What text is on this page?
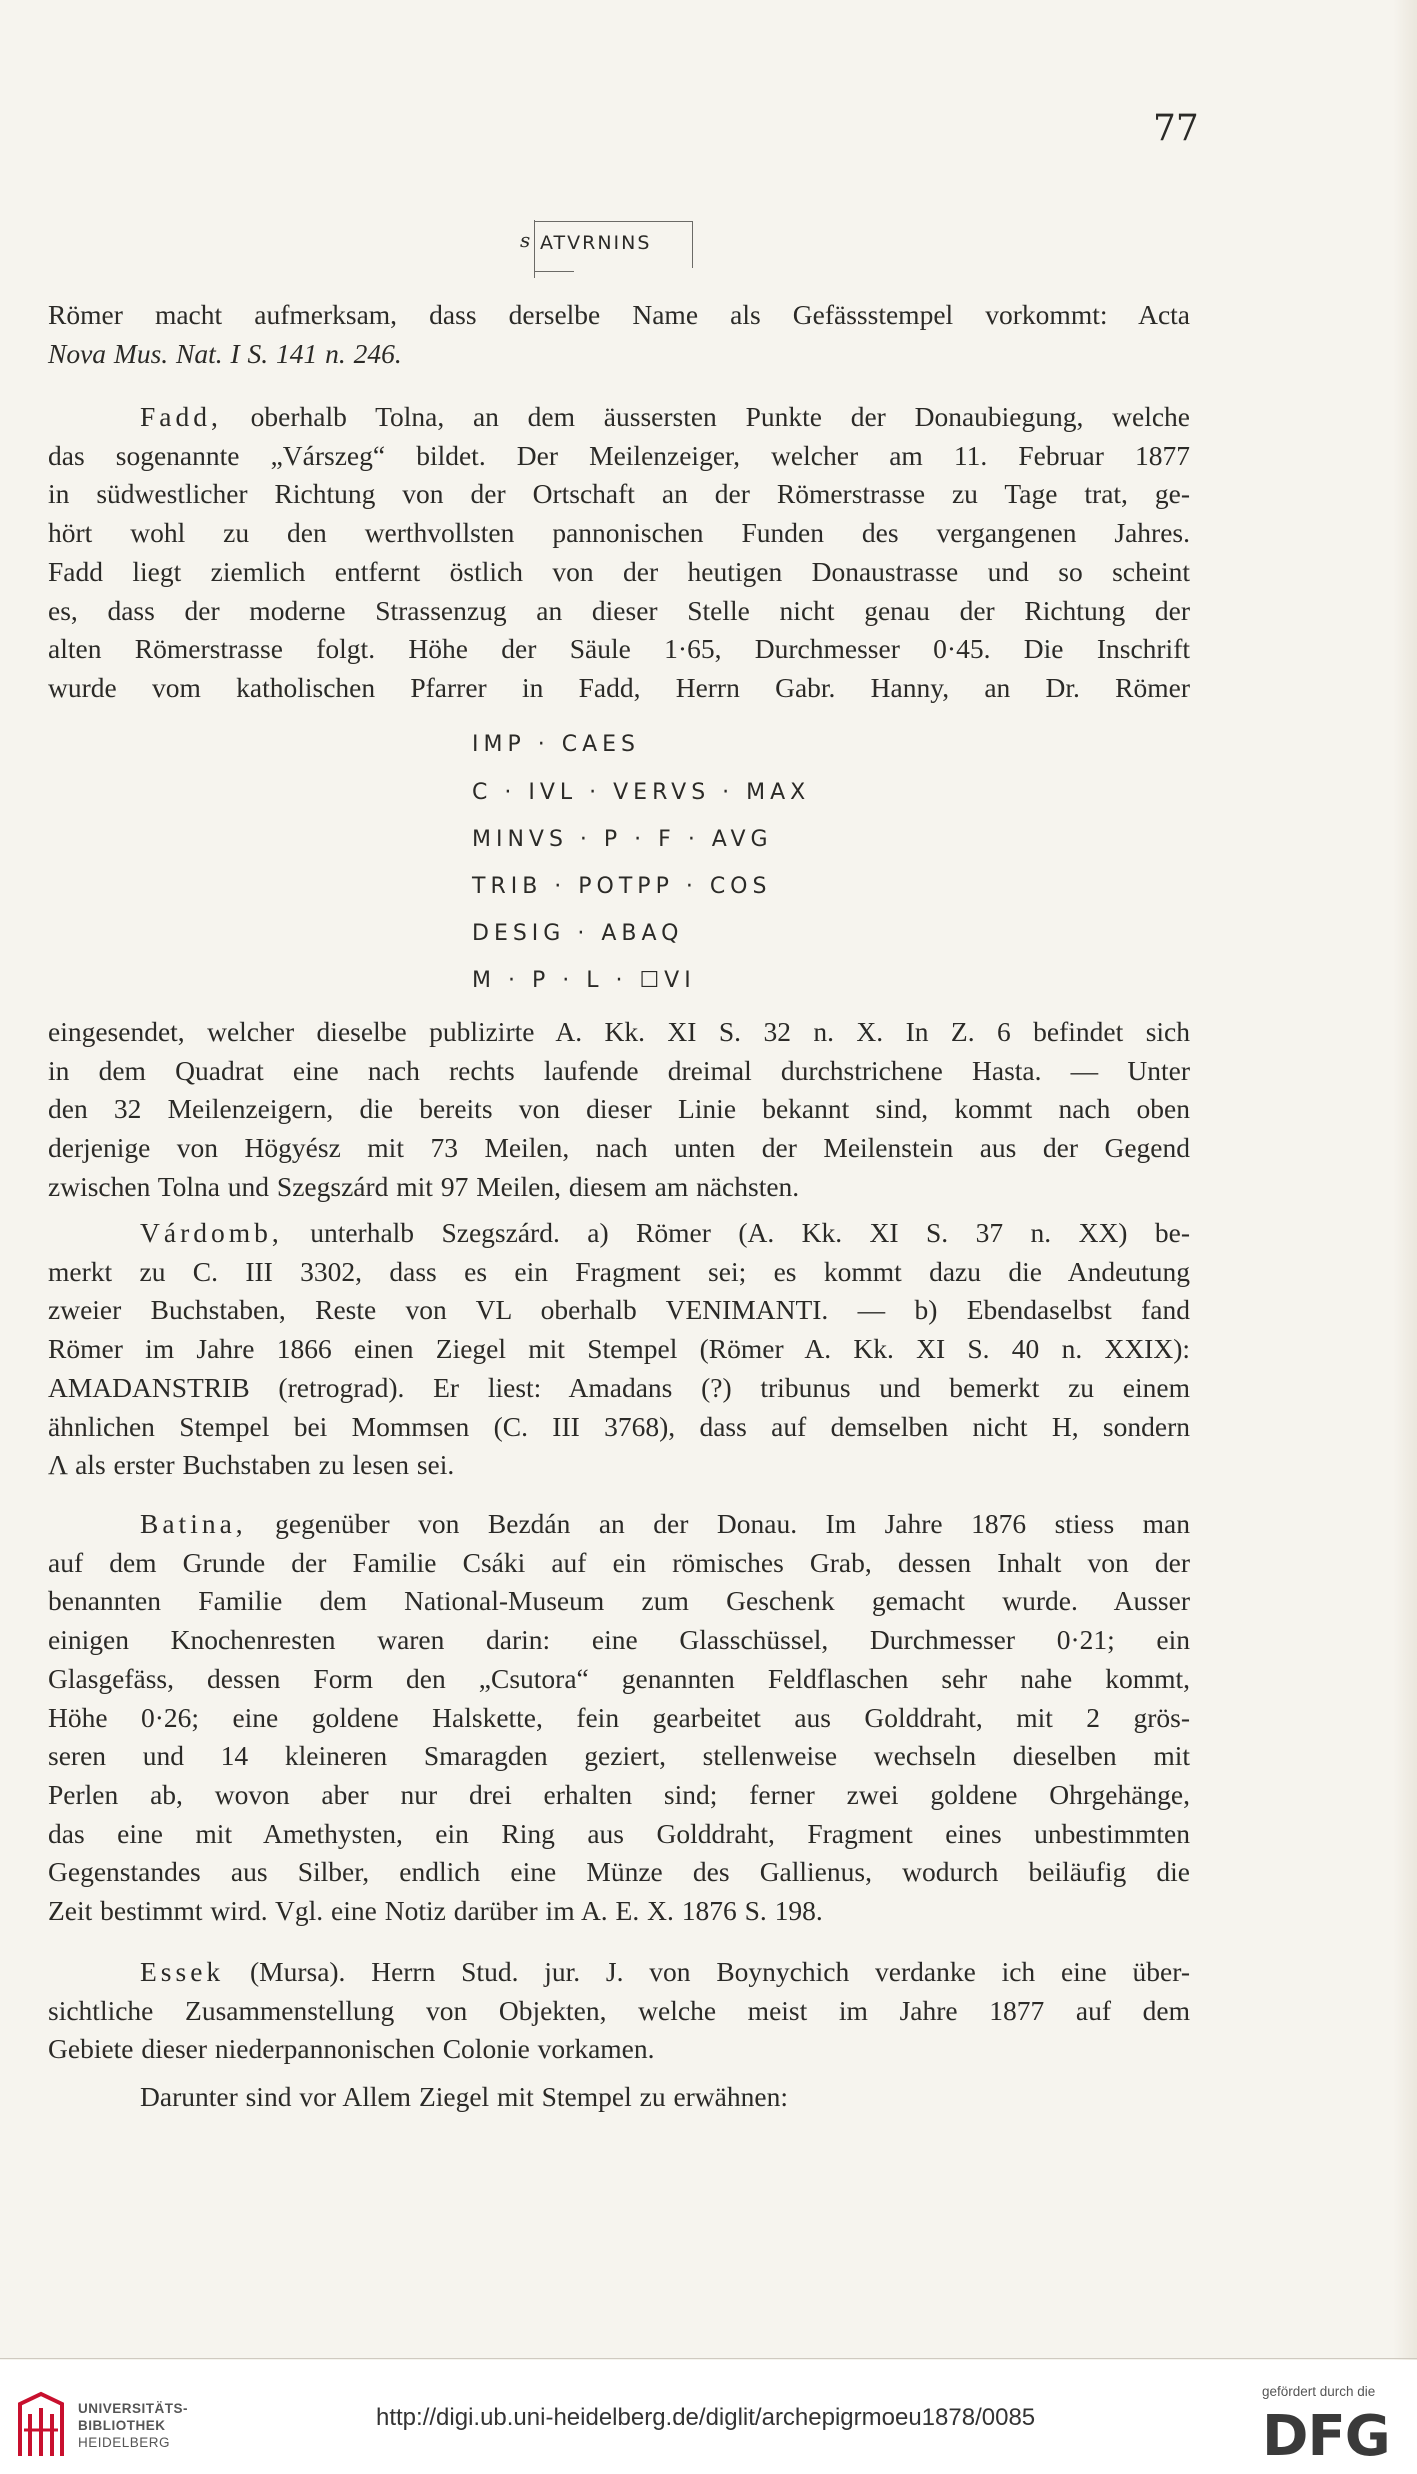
77
s ATVRNINS

Römer macht aufmerksam, dass derselbe Name als Gefässstempel vorkommt: Acta

Nova Mus. Nat. I S. 141 n. 246.

Fadd, oberhalb Tolna, an dem äussersten Punkte der Donaubiegung, welche

das sogenannte „Várszeg“ bildet. Der Meilenzeiger, welcher am 11. Februar 1877

in südwestlicher Richtung von der Ortschaft an der Römerstrasse zu Tage trat, ge-

hört wohl zu den werthvollsten pannonischen Funden des vergangenen Jahres.

Fadd liegt ziemlich entfernt östlich von der heutigen Donaustrasse und so scheint

es, dass der moderne Strassenzug an dieser Stelle nicht genau der Richtung der

alten Römerstrasse folgt. Höhe der Säule 1·65, Durchmesser 0·45. Die Inschrift

wurde vom katholischen Pfarrer in Fadd, Herrn Gabr. Hanny, an Dr. Römer

IMP · CAES
C · IVL · VERVS · MAX
MINVS · P · F · AVG
TRIB · POTPP · COS
DESIG · ABAQ
M · P · L · ☐VI

eingesendet, welcher dieselbe publizirte A. Kk. XI S. 32 n. X. In Z. 6 befindet sich

in dem Quadrat eine nach rechts laufende dreimal durchstrichene Hasta. — Unter

den 32 Meilenzeigern, die bereits von dieser Linie bekannt sind, kommt nach oben

derjenige von Högyész mit 73 Meilen, nach unten der Meilenstein aus der Gegend

zwischen Tolna und Szegszárd mit 97 Meilen, diesem am nächsten.

Várdomb, unterhalb Szegszárd. a) Römer (A. Kk. XI S. 37 n. XX) be-

merkt zu C. III 3302, dass es ein Fragment sei; es kommt dazu die Andeutung

zweier Buchstaben, Reste von VL oberhalb VENIMANTI. — b) Ebendaselbst fand

Römer im Jahre 1866 einen Ziegel mit Stempel (Römer A. Kk. XI S. 40 n. XXIX):

AMADANSTRIB (retrograd). Er liest: Amadans (?) tribunus und bemerkt zu einem

ähnlichen Stempel bei Mommsen (C. III 3768), dass auf demselben nicht H, sondern

Λ als erster Buchstaben zu lesen sei.

Batina, gegenüber von Bezdán an der Donau. Im Jahre 1876 stiess man

auf dem Grunde der Familie Csáki auf ein römisches Grab, dessen Inhalt von der

benannten Familie dem National-Museum zum Geschenk gemacht wurde. Ausser

einigen Knochenresten waren darin: eine Glasschüssel, Durchmesser 0·21; ein

Glasgefäss, dessen Form den „Csutora“ genannten Feldflaschen sehr nahe kommt,

Höhe 0·26; eine goldene Halskette, fein gearbeitet aus Golddraht, mit 2 grös-

seren und 14 kleineren Smaragden geziert, stellenweise wechseln dieselben mit

Perlen ab, wovon aber nur drei erhalten sind; ferner zwei goldene Ohrgehänge,

das eine mit Amethysten, ein Ring aus Golddraht, Fragment eines unbestimmten

Gegenstandes aus Silber, endlich eine Münze des Gallienus, wodurch beiläufig die

Zeit bestimmt wird. Vgl. eine Notiz darüber im A. E. X. 1876 S. 198.

Essek (Mursa). Herrn Stud. jur. J. von Boynychich verdanke ich eine über-

sichtliche Zusammenstellung von Objekten, welche meist im Jahre 1877 auf dem

Gebiete dieser niederpannonischen Colonie vorkamen.

Darunter sind vor Allem Ziegel mit Stempel zu erwähnen:

UNIVERSITÄTS-
BIBLIOTHEK
HEIDELBERG
http://digi.ub.uni-heidelberg.de/diglit/archepigrmoeu1878/0085
gefördert durch die
DFG
